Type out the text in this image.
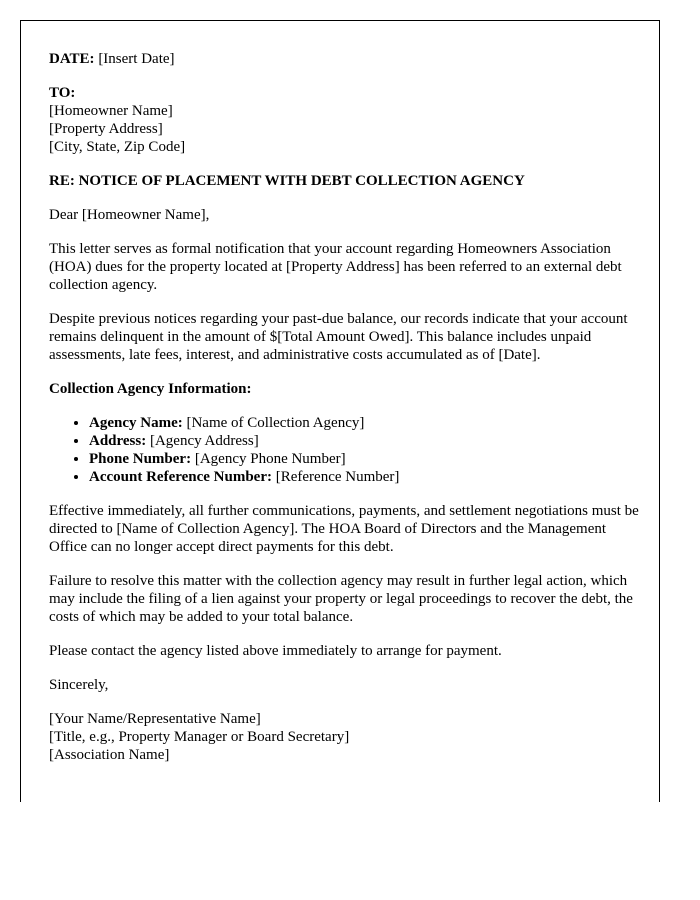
DATE: [Insert Date]

TO:
[Homeowner Name]
[Property Address]
[City, State, Zip Code]

RE: NOTICE OF PLACEMENT WITH DEBT COLLECTION AGENCY

Dear [Homeowner Name],

This letter serves as formal notification that your account regarding Homeowners Association (HOA) dues for the property located at [Property Address] has been referred to an external debt collection agency.

Despite previous notices regarding your past-due balance, our records indicate that your account remains delinquent in the amount of $[Total Amount Owed]. This balance includes unpaid assessments, late fees, interest, and administrative costs accumulated as of [Date].

Collection Agency Information:

• Agency Name: [Name of Collection Agency]
• Address: [Agency Address]
• Phone Number: [Agency Phone Number]
• Account Reference Number: [Reference Number]

Effective immediately, all further communications, payments, and settlement negotiations must be directed to [Name of Collection Agency]. The HOA Board of Directors and the Management Office can no longer accept direct payments for this debt.

Failure to resolve this matter with the collection agency may result in further legal action, which may include the filing of a lien against your property or legal proceedings to recover the debt, the costs of which may be added to your total balance.

Please contact the agency listed above immediately to arrange for payment.

Sincerely,

[Your Name/Representative Name]
[Title, e.g., Property Manager or Board Secretary]
[Association Name]
